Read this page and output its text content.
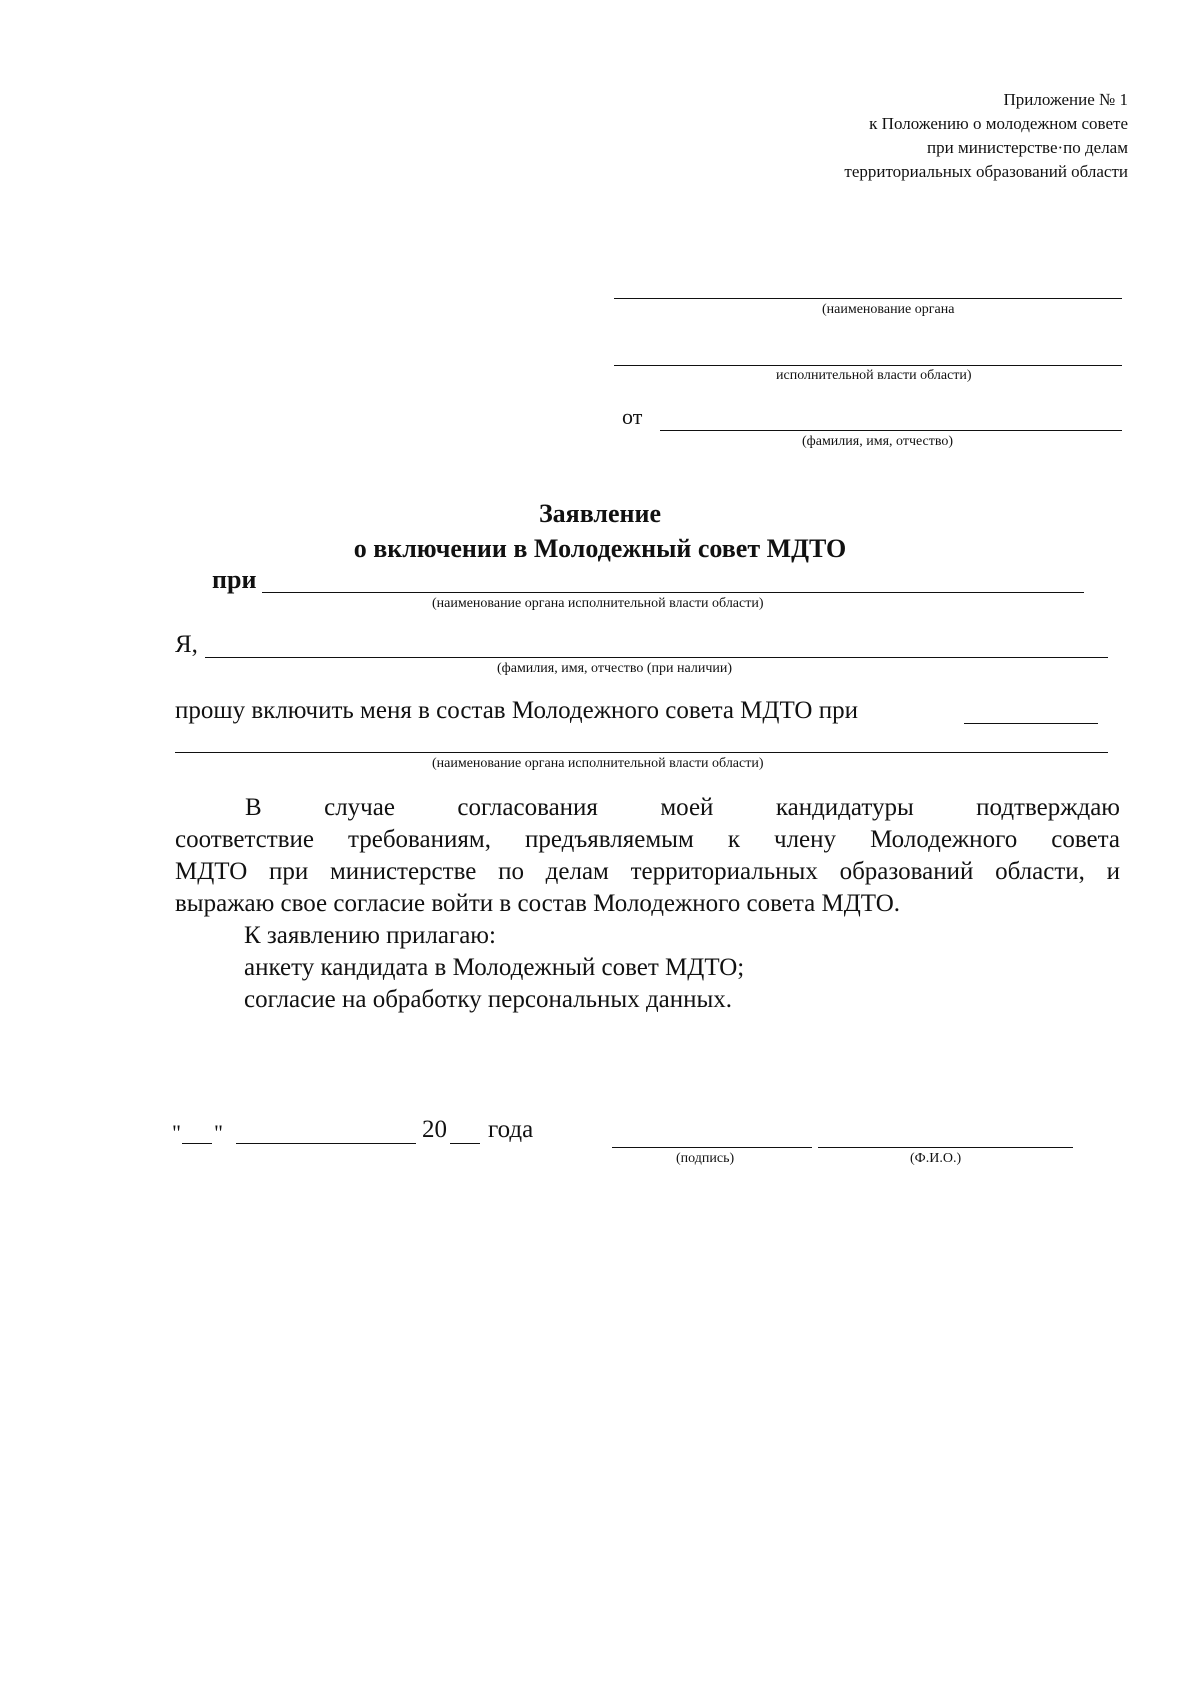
Приложение № 1
к Положению о молодежном совете
при министерстве·по делам
территориальных образований области
(наименование органа
исполнительной власти области)
от
(фамилия, имя, отчество)
Заявление
о включении в Молодежный совет МДТО
при
(наименование органа исполнительной власти области)
Я,
(фамилия, имя, отчество (при наличии)
прошу включить меня в состав Молодежного совета МДТО при
(наименование органа исполнительной власти области)
В случае согласования моей кандидатуры подтверждаю
соответствие требованиям, предъявляемым к члену Молодежного совета
МДТО при министерстве по делам территориальных образований области, и
выражаю свое согласие войти в состав Молодежного совета МДТО.
К заявлению прилагаю:
анкету кандидата в Молодежный совет МДТО;
согласие на обработку персональных данных.
" "	20 года
(подпись)	(Ф.И.О.)
